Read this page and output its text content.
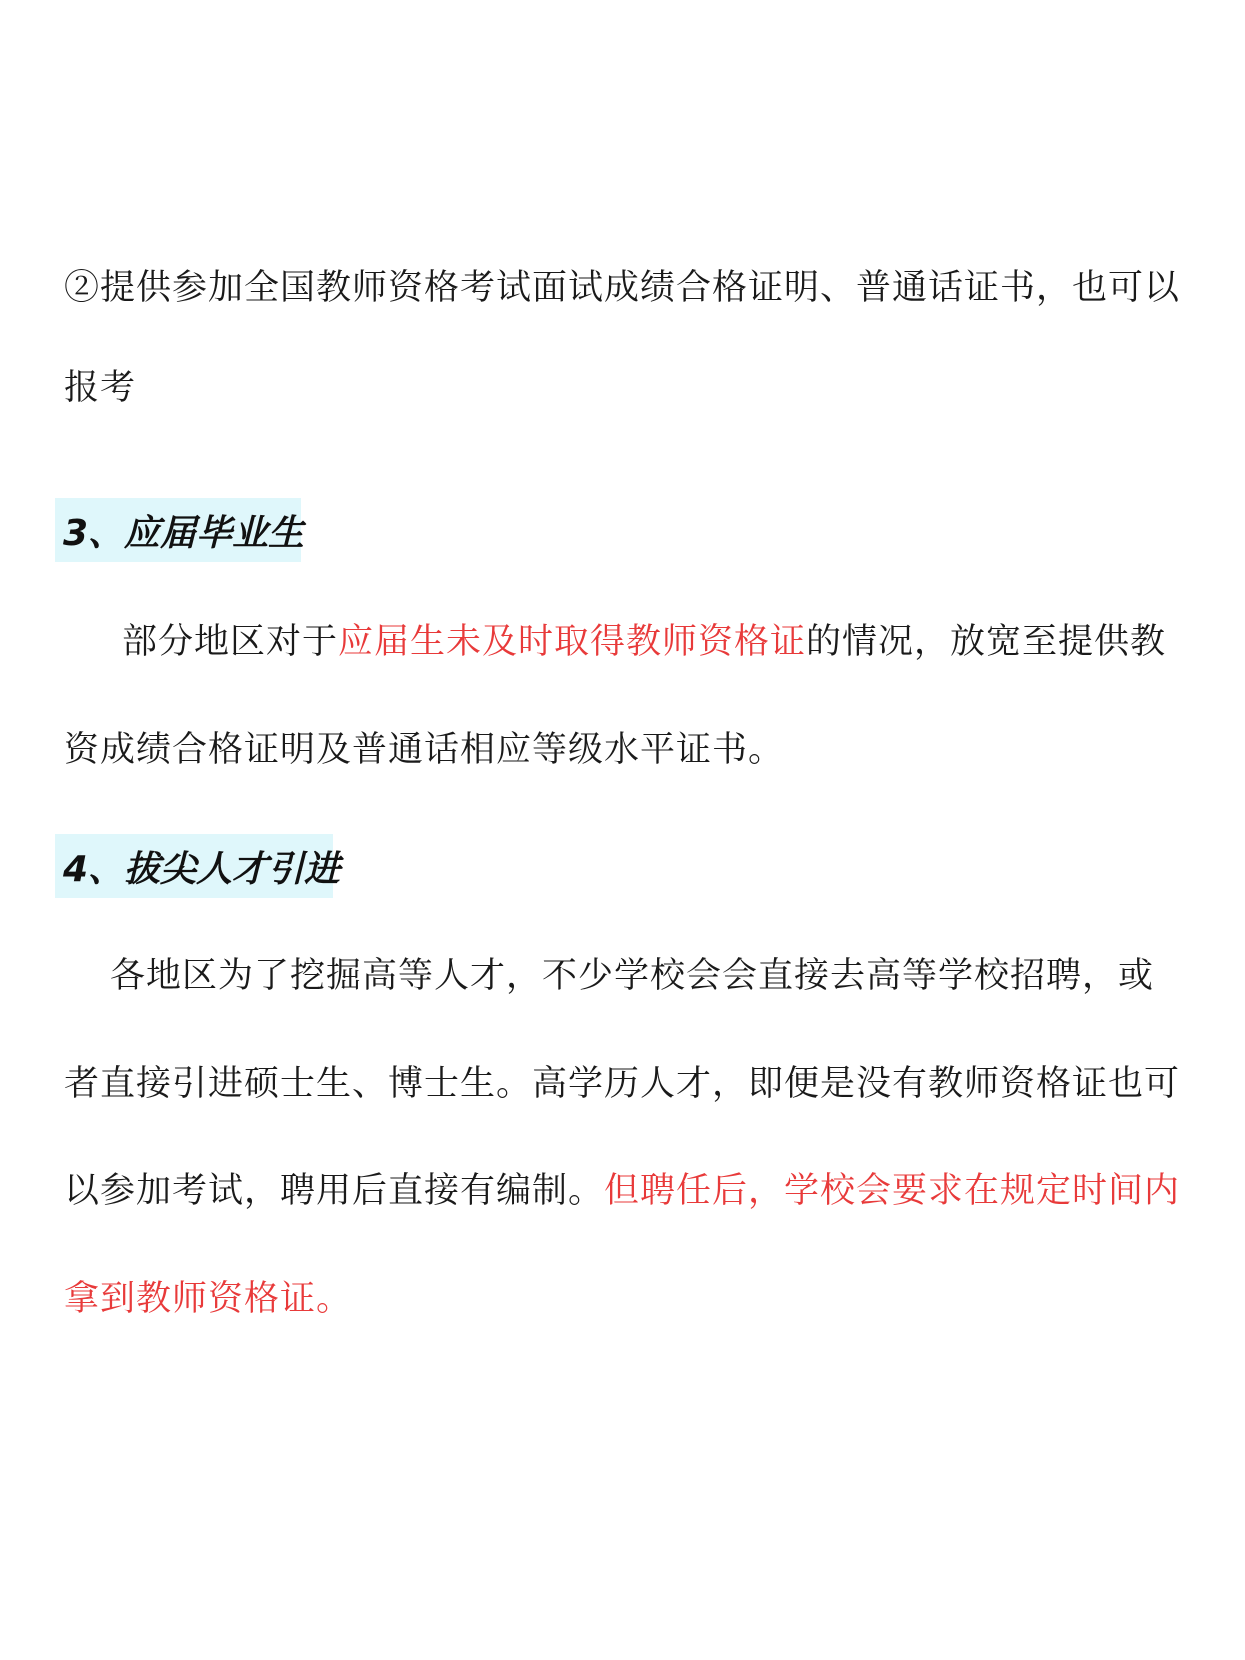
②提供参加全国教师资格考试面试成绩合格证明、普通话证书，也可以
报考
3、应届毕业生
部分地区对于应届生未及时取得教师资格证的情况，放宽至提供教
资成绩合格证明及普通话相应等级水平证书。
4、拔尖人才引进
各地区为了挖掘高等人才，不少学校会会直接去高等学校招聘，或
者直接引进硕士生、博士生。高学历人才，即便是没有教师资格证也可
以参加考试，聘用后直接有编制。但聘任后，学校会要求在规定时间内
拿到教师资格证。
